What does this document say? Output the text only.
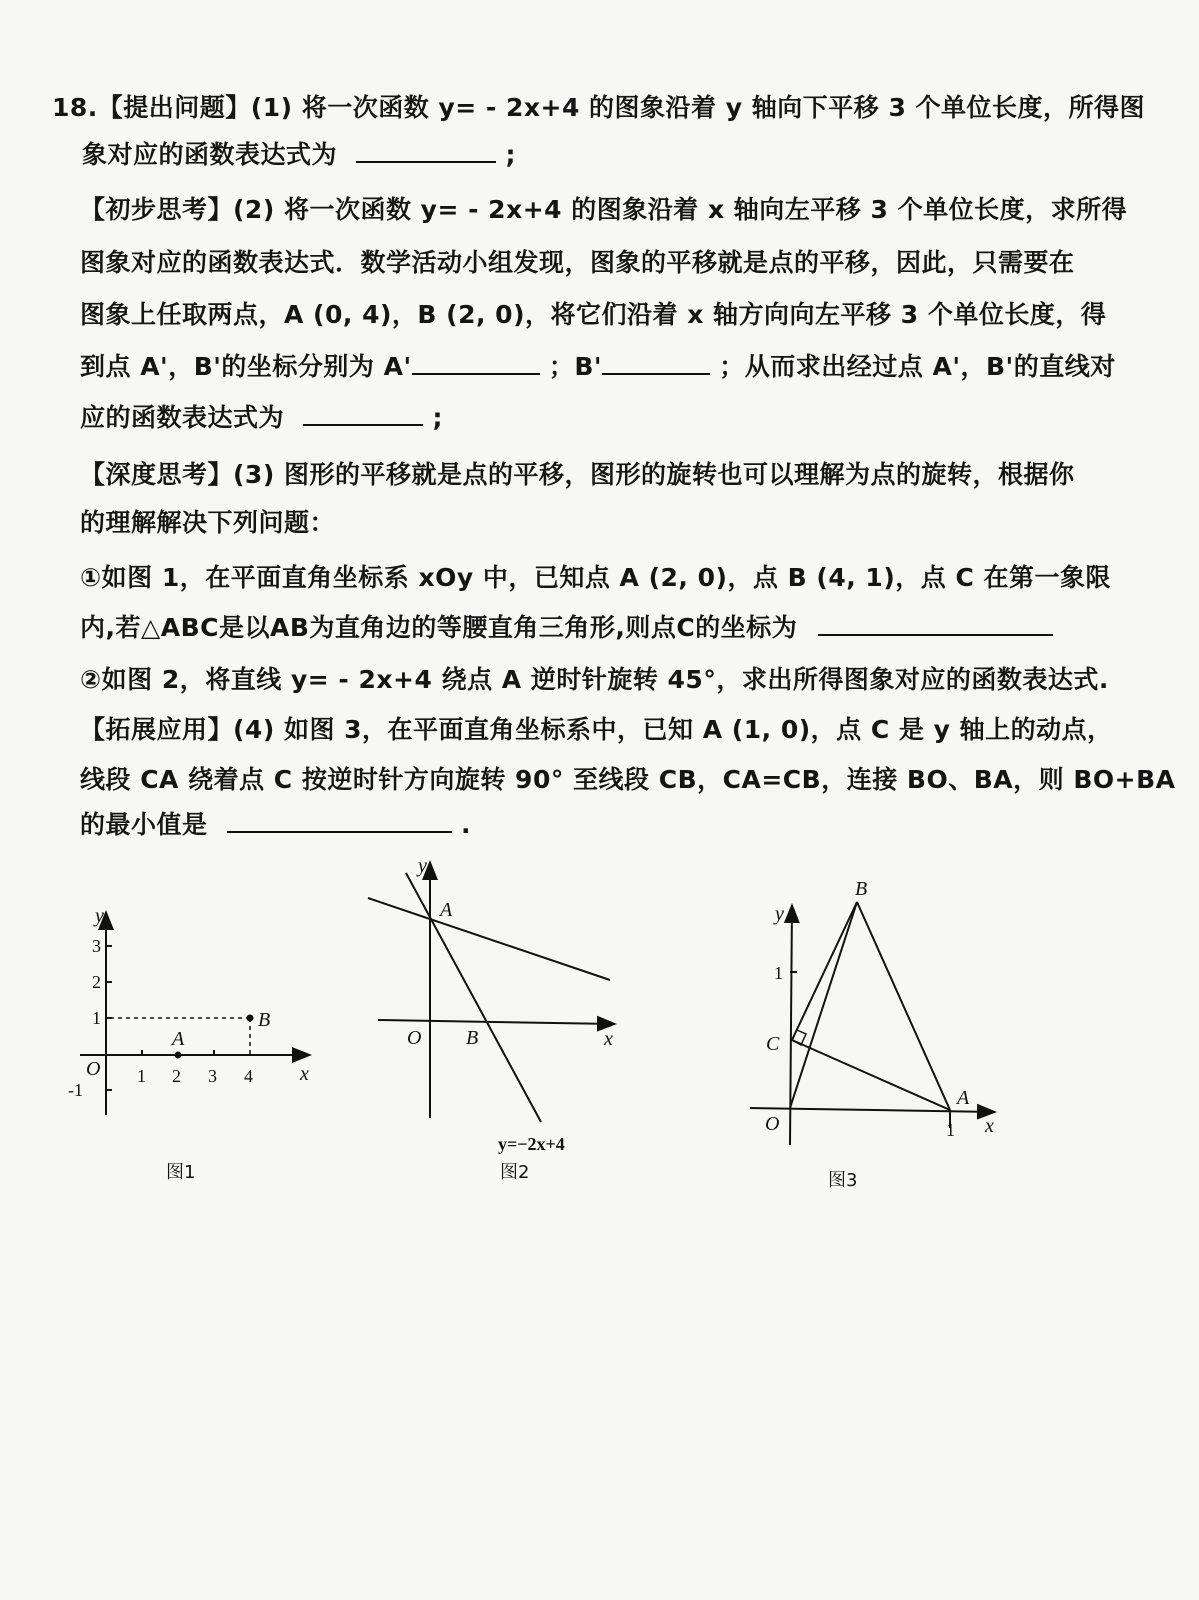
18.【提出问题】(1) 将一次函数 y= - 2x+4 的图象沿着 y 轴向下平移 3 个单位长度，所得图
象对应的函数表达式为	;
【初步思考】(2) 将一次函数 y= - 2x+4 的图象沿着 x 轴向左平移 3 个单位长度，求所得
图象对应的函数表达式．数学活动小组发现，图象的平移就是点的平移，因此，只需要在
图象上任取两点，A (0, 4)，B (2, 0)，将它们沿着 x 轴方向向左平移 3 个单位长度，得
到点 A'，B'的坐标分别为 A'	；B'	；从而求出经过点 A'，B'的直线对
应的函数表达式为	;
【深度思考】(3) 图形的平移就是点的平移，图形的旋转也可以理解为点的旋转，根据你
的理解解决下列问题：
①如图 1，在平面直角坐标系 xOy 中，已知点 A (2, 0)，点 B (4, 1)，点 C 在第一象限
内,若△ABC是以AB为直角边的等腰直角三角形,则点C的坐标为
②如图 2，将直线 y= - 2x+4 绕点 A 逆时针旋转 45°，求出所得图象对应的函数表达式.
【拓展应用】(4) 如图 3，在平面直角坐标系中，已知 A (1, 0)，点 C 是 y 轴上的动点，
线段 CA 绕着点 C 按逆时针方向旋转 90° 至线段 CB，CA=CB，连接 BO、BA，则 BO+BA
的最小值是	.
y
x
O
A
B
1 2 3 4
3
2
1
-1
图1
y
A
O B	x
y=−2x+4
图2
y
B
C
A
O	x
1
1
图3
